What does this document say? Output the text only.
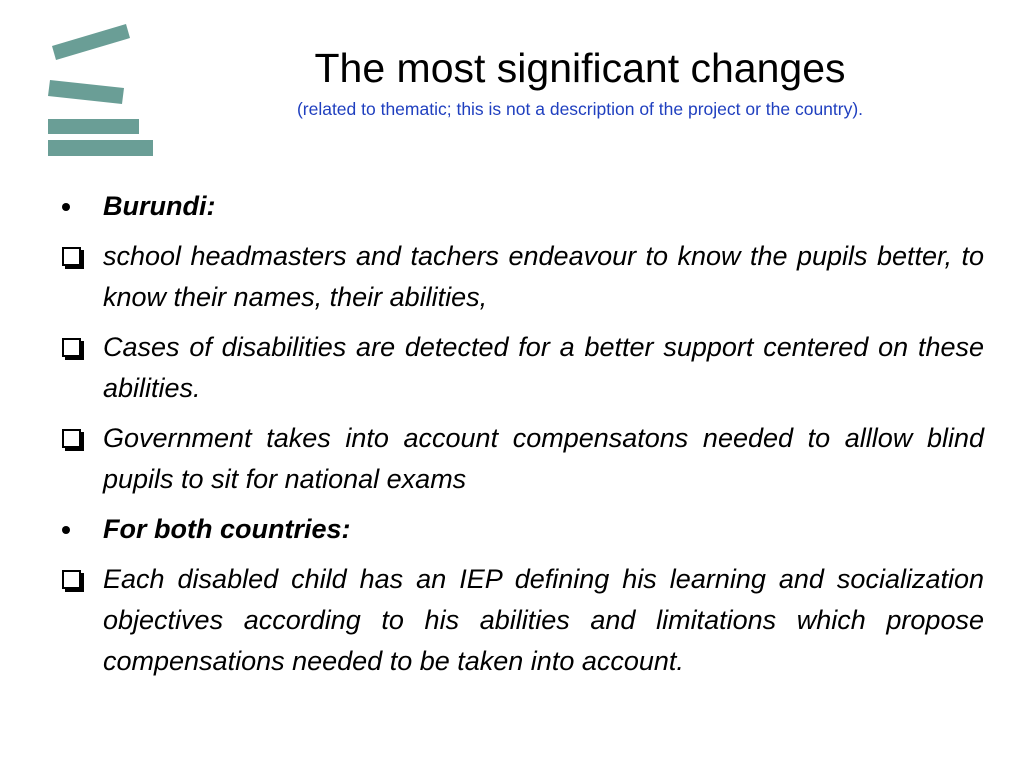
The most significant changes

(related to thematic; this is not a description of the project or the country).

Burundi:
school headmasters and tachers endeavour to know the pupils better, to know their names, their abilities,
Cases of disabilities are detected for a better support centered on these abilities.
Government takes into account compensatons needed to alllow blind pupils to sit for national exams
For both countries:
Each disabled child has an IEP defining his learning and socialization objectives according to his abilities and limitations which propose compensations needed to be taken into account.
